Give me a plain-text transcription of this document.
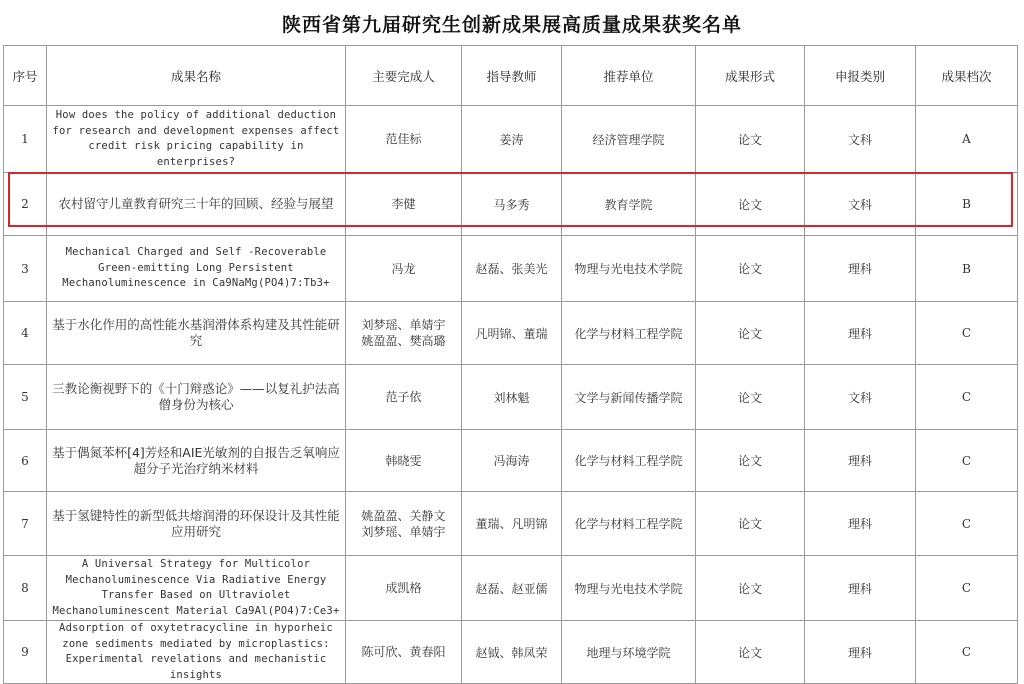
陕西省第九届研究生创新成果展高质量成果获奖名单
序号	成果名称	主要完成人	指导教师	推荐单位	成果形式	申报类别	成果档次
1	How does the policy of additional deduction for research and development expenses affect credit risk pricing capability in enterprises?	范佳标	姜涛	经济管理学院	论文	文科	A
2	农村留守儿童教育研究三十年的回顾、经验与展望	李健	马多秀	教育学院	论文	文科	B
3	Mechanical Charged and Self -Recoverable Green-emitting Long Persistent Mechanoluminescence in Ca9NaMg(PO4)7:Tb3+	冯龙	赵磊、张美光	物理与光电技术学院	论文	理科	B
4	基于水化作用的高性能水基润滑体系构建及其性能研究	刘梦瑶、单婧宇
姚盈盈、樊高璐	凡明锦、董瑞	化学与材料工程学院	论文	理科	C
5	三教论衡视野下的《十门辩惑论》——以复礼护法高僧身份为核心	范子依	刘林魁	文学与新闻传播学院	论文	文科	C
6	基于偶氮苯杯[4]芳烃和AIE光敏剂的自报告乏氧响应超分子光治疗纳米材料	韩晓雯	冯海涛	化学与材料工程学院	论文	理科	C
7	基于氢键特性的新型低共熔润滑的环保设计及其性能应用研究	姚盈盈、关静文
刘梦瑶、单婧宇	董瑞、凡明锦	化学与材料工程学院	论文	理科	C
8	A Universal Strategy for Multicolor Mechanoluminescence Via Radiative Energy Transfer Based on Ultraviolet Mechanoluminescent Material Ca9Al(PO4)7:Ce3+	成凯格	赵磊、赵亚儒	物理与光电技术学院	论文	理科	C
9	Adsorption of oxytetracycline in hyporheic zone sediments mediated by microplastics: Experimental revelations and mechanistic insights	陈可欣、黄春阳	赵钺、韩凤荣	地理与环境学院	论文	理科	C
